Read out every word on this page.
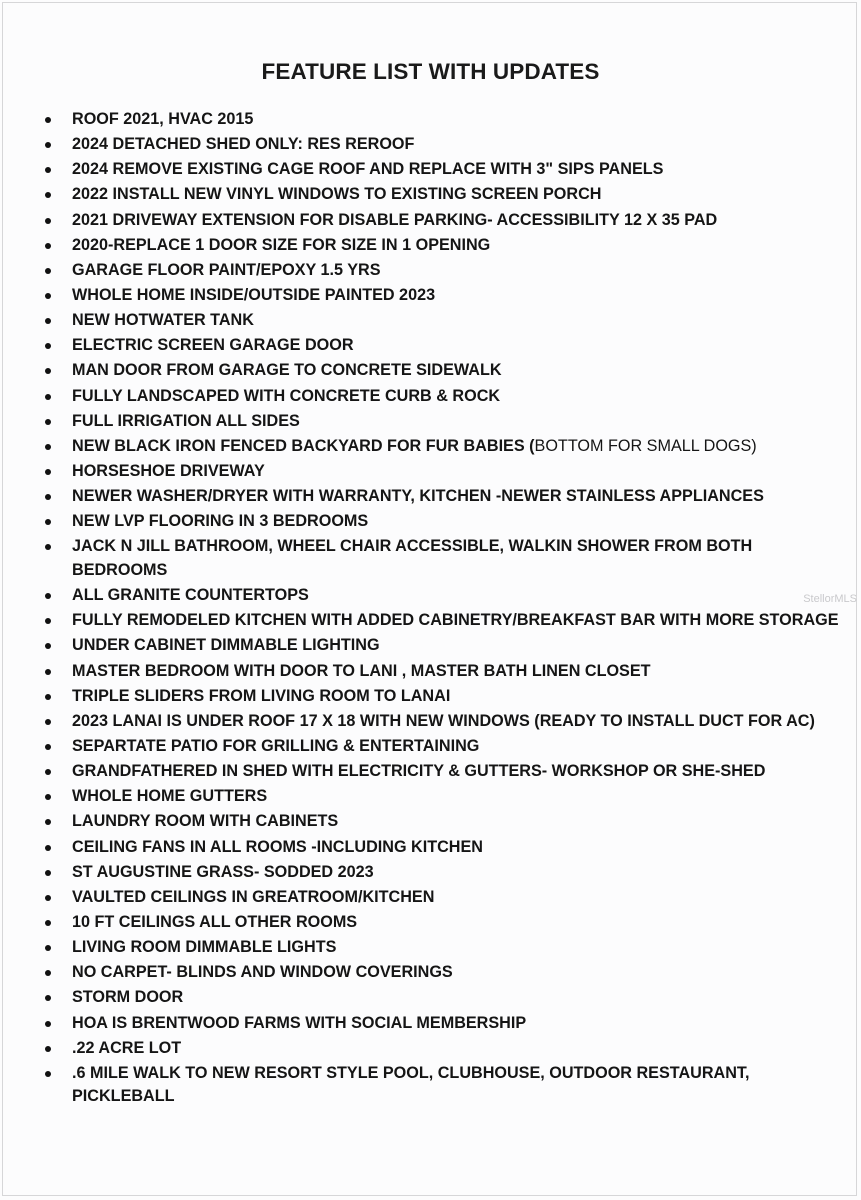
FEATURE LIST WITH UPDATES
ROOF 2021, HVAC 2015
2024 DETACHED SHED ONLY: RES REROOF
2024 REMOVE EXISTING CAGE ROOF AND REPLACE WITH 3" SIPS PANELS
2022 INSTALL NEW VINYL WINDOWS TO EXISTING SCREEN PORCH
2021 DRIVEWAY EXTENSION FOR DISABLE PARKING- ACCESSIBILITY 12 X 35 PAD
2020-REPLACE 1 DOOR SIZE FOR SIZE IN 1 OPENING
GARAGE FLOOR PAINT/EPOXY 1.5 YRS
WHOLE HOME INSIDE/OUTSIDE PAINTED 2023
NEW HOTWATER TANK
ELECTRIC SCREEN GARAGE DOOR
MAN DOOR FROM GARAGE TO CONCRETE SIDEWALK
FULLY LANDSCAPED WITH CONCRETE CURB & ROCK
FULL IRRIGATION ALL SIDES
NEW BLACK IRON FENCED BACKYARD FOR FUR BABIES (BOTTOM FOR SMALL DOGS)
HORSESHOE DRIVEWAY
NEWER WASHER/DRYER WITH WARRANTY, KITCHEN -NEWER STAINLESS APPLIANCES
NEW LVP FLOORING IN 3 BEDROOMS
JACK N JILL BATHROOM, WHEEL CHAIR ACCESSIBLE, WALKIN SHOWER FROM BOTH BEDROOMS
ALL GRANITE COUNTERTOPS
FULLY REMODELED KITCHEN WITH ADDED CABINETRY/BREAKFAST BAR WITH MORE STORAGE
UNDER CABINET DIMMABLE LIGHTING
MASTER BEDROOM WITH DOOR TO LANI , MASTER BATH LINEN CLOSET
TRIPLE SLIDERS FROM LIVING ROOM TO LANAI
2023 LANAI IS UNDER ROOF 17 X 18 WITH NEW WINDOWS (READY TO INSTALL DUCT FOR AC)
SEPARTATE PATIO FOR GRILLING & ENTERTAINING
GRANDFATHERED IN SHED WITH ELECTRICITY & GUTTERS- WORKSHOP OR SHE-SHED
WHOLE HOME GUTTERS
LAUNDRY ROOM WITH CABINETS
CEILING FANS IN ALL ROOMS -INCLUDING KITCHEN
ST AUGUSTINE GRASS- SODDED 2023
VAULTED CEILINGS IN GREATROOM/KITCHEN
10 FT CEILINGS ALL OTHER ROOMS
LIVING ROOM DIMMABLE LIGHTS
NO CARPET- BLINDS AND WINDOW COVERINGS
STORM DOOR
HOA IS BRENTWOOD FARMS WITH SOCIAL MEMBERSHIP
.22 ACRE LOT
.6 MILE WALK TO NEW RESORT STYLE POOL, CLUBHOUSE, OUTDOOR RESTAURANT, PICKLEBALL
StellorMLS
